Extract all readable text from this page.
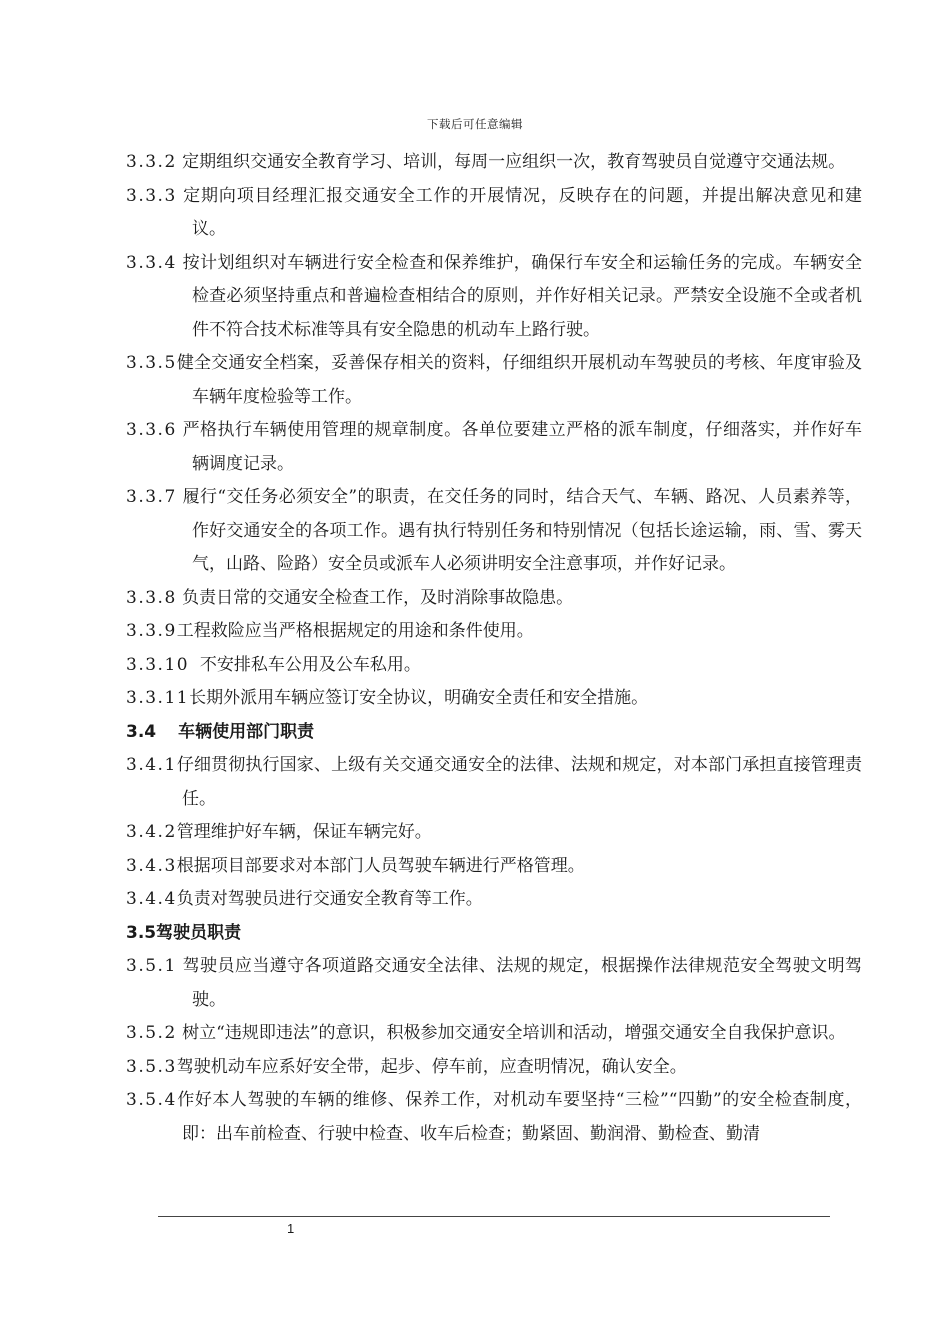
下载后可任意编辑
3.3.2 定期组织交通安全教育学习、培训，每周一应组织一次，教育驾驶员自觉遵守交通法规。
3.3.3 定期向项目经理汇报交通安全工作的开展情况，反映存在的问题，并提出解决意见和建议。
3.3.4 按计划组织对车辆进行安全检查和保养维护，确保行车安全和运输任务的完成。车辆安全检查必须坚持重点和普遍检查相结合的原则，并作好相关记录。严禁安全设施不全或者机件不符合技术标准等具有安全隐患的机动车上路行驶。
3.3.5健全交通安全档案，妥善保存相关的资料，仔细组织开展机动车驾驶员的考核、年度审验及车辆年度检验等工作。
3.3.6 严格执行车辆使用管理的规章制度。各单位要建立严格的派车制度，仔细落实，并作好车辆调度记录。
3.3.7 履行“交任务必须安全”的职责，在交任务的同时，结合天气、车辆、路况、人员素养等，作好交通安全的各项工作。遇有执行特别任务和特别情况（包括长途运输，雨、雪、雾天气，山路、险路）安全员或派车人必须讲明安全注意事项，并作好记录。
3.3.8 负责日常的交通安全检查工作，及时消除事故隐患。
3.3.9工程救险应当严格根据规定的用途和条件使用。
3.3.10 不安排私车公用及公车私用。
3.3.11长期外派用车辆应签订安全协议，明确安全责任和安全措施。
3.4 车辆使用部门职责
3.4.1仔细贯彻执行国家、上级有关交通交通安全的法律、法规和规定，对本部门承担直接管理责任。
3.4.2管理维护好车辆，保证车辆完好。
3.4.3根据项目部要求对本部门人员驾驶车辆进行严格管理。
3.4.4负责对驾驶员进行交通安全教育等工作。
3.5驾驶员职责
3.5.1 驾驶员应当遵守各项道路交通安全法律、法规的规定，根据操作法律规范安全驾驶文明驾驶。
3.5.2 树立“违规即违法”的意识，积极参加交通安全培训和活动，增强交通安全自我保护意识。
3.5.3驾驶机动车应系好安全带，起步、停车前，应查明情况，确认安全。
3.5.4作好本人驾驶的车辆的维修、保养工作，对机动车要坚持“三检”“四勤”的安全检查制度，即：出车前检查、行驶中检查、收车后检查；勤紧固、勤润滑、勤检查、勤清
1
